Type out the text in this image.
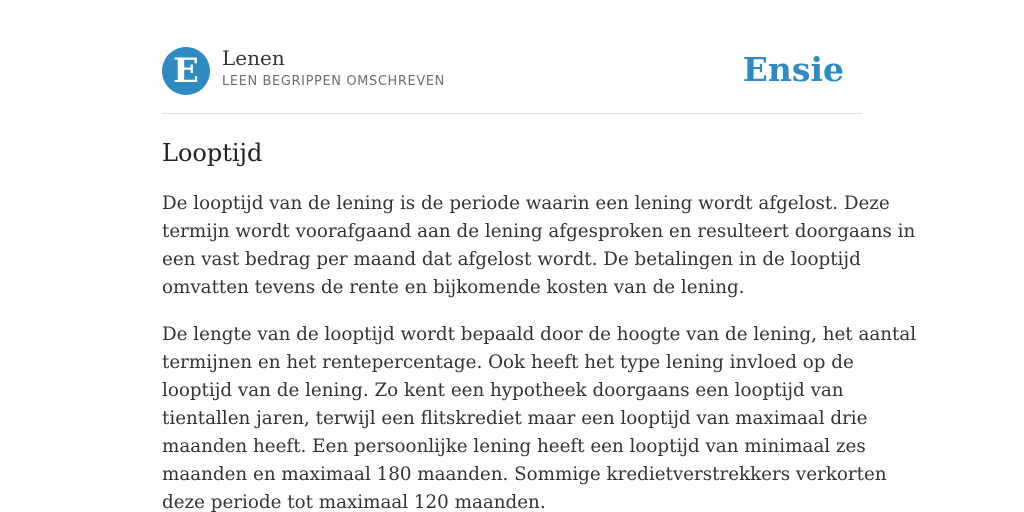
E	Lenen
LEEN BEGRIPPEN OMSCHREVEN	Ensie
Looptijd

De looptijd van de lening is de periode waarin een lening wordt afgelost. Deze
termijn wordt voorafgaand aan de lening afgesproken en resulteert doorgaans in
een vast bedrag per maand dat afgelost wordt. De betalingen in de looptijd
omvatten tevens de rente en bijkomende kosten van de lening.

De lengte van de looptijd wordt bepaald door de hoogte van de lening, het aantal
termijnen en het rentepercentage. Ook heeft het type lening invloed op de
looptijd van de lening. Zo kent een hypotheek doorgaans een looptijd van
tientallen jaren, terwijl een flitskrediet maar een looptijd van maximaal drie
maanden heeft. Een persoonlijke lening heeft een looptijd van minimaal zes
maanden en maximaal 180 maanden. Sommige kredietverstrekkers verkorten
deze periode tot maximaal 120 maanden.
